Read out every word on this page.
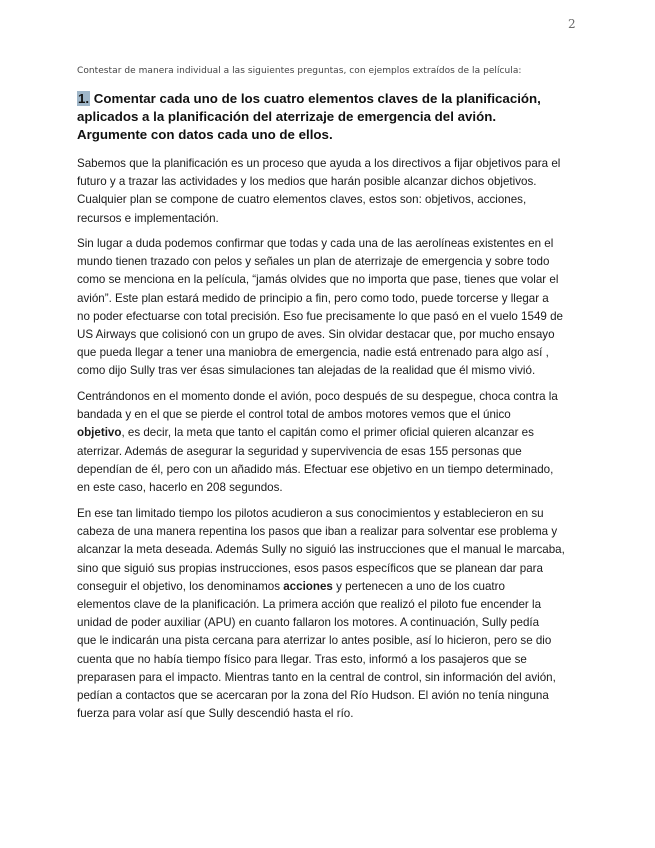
2
Contestar de manera individual a las siguientes preguntas, con ejemplos extraídos de la película:
1. Comentar cada uno de los cuatro elementos claves de la planificación, aplicados a la planificación del aterrizaje de emergencia del avión. Argumente con datos cada uno de ellos.
Sabemos que la planificación es un proceso que ayuda a los directivos a fijar objetivos para el
futuro y a trazar las actividades y los medios que harán posible alcanzar dichos objetivos.
Cualquier plan se compone de cuatro elementos claves, estos son: objetivos, acciones,
recursos e implementación.
Sin lugar a duda podemos confirmar que todas y cada una de las aerolíneas existentes en el
mundo tienen trazado con pelos y señales un plan de aterrizaje de emergencia y sobre todo
como se menciona en la película, “jamás olvides que no importa que pase, tienes que volar el
avión”. Este plan estará medido de principio a fin, pero como todo, puede torcerse y llegar a
no poder efectuarse con total precisión. Eso fue precisamente lo que pasó en el vuelo 1549 de
US Airways que colisionó con un grupo de aves. Sin olvidar destacar que, por mucho ensayo
que pueda llegar a tener una maniobra de emergencia, nadie está entrenado para algo así ,
como dijo Sully tras ver ésas simulaciones tan alejadas de la realidad que él mismo vivió.
Centrándonos en el momento donde el avión, poco después de su despegue, choca contra la
bandada y en el que se pierde el control total de ambos motores vemos que el único
objetivo, es decir, la meta que tanto el capitán como el primer oficial quieren alcanzar es
aterrizar. Además de asegurar la seguridad y supervivencia de esas 155 personas que
dependían de él, pero con un añadido más. Efectuar ese objetivo en un tiempo determinado,
en este caso, hacerlo en 208 segundos.
En ese tan limitado tiempo los pilotos acudieron a sus conocimientos y establecieron en su
cabeza de una manera repentina los pasos que iban a realizar para solventar ese problema y
alcanzar la meta deseada. Además Sully no siguió las instrucciones que el manual le marcaba,
sino que siguió sus propias instrucciones, esos pasos específicos que se planean dar para
conseguir el objetivo, los denominamos acciones y pertenecen a uno de los cuatro
elementos clave de la planificación. La primera acción que realizó el piloto fue encender la
unidad de poder auxiliar (APU) en cuanto fallaron los motores. A continuación, Sully pedía
que le indicarán una pista cercana para aterrizar lo antes posible, así lo hicieron, pero se dio
cuenta que no había tiempo físico para llegar. Tras esto, informó a los pasajeros que se
preparasen para el impacto. Mientras tanto en la central de control, sin información del avión,
pedían a contactos que se acercaran por la zona del Río Hudson. El avión no tenía ninguna
fuerza para volar así que Sully descendió hasta el río.
